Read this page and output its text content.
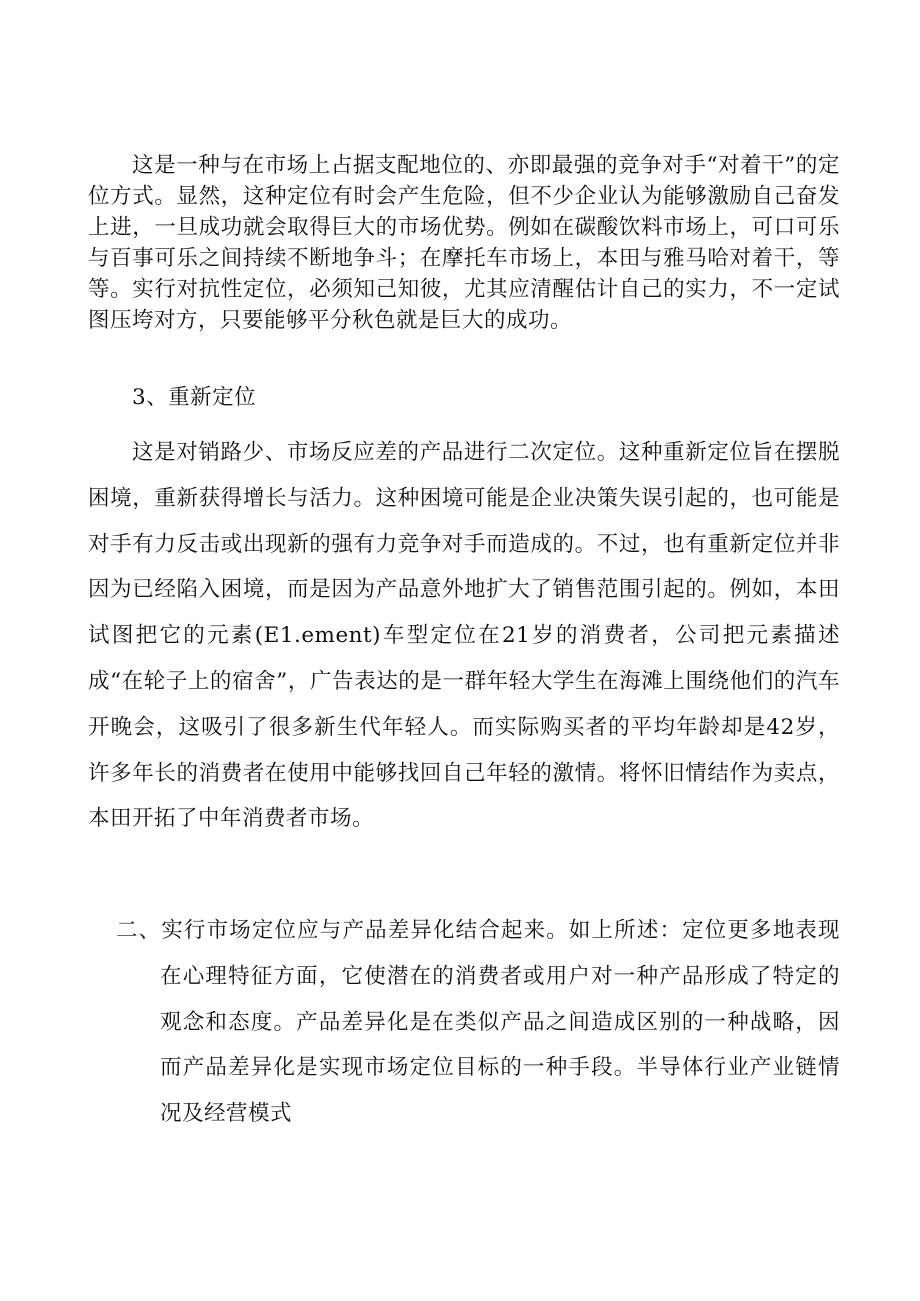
这是一种与在市场上占据支配地位的、亦即最强的竞争对手“对着干”的定位方式。显然，这种定位有时会产生危险，但不少企业认为能够激励自己奋发上进，一旦成功就会取得巨大的市场优势。例如在碳酸饮料市场上，可口可乐与百事可乐之间持续不断地争斗；在摩托车市场上，本田与雅马哈对着干，等等。实行对抗性定位，必须知己知彼，尤其应清醒估计自己的实力，不一定试图压垮对方，只要能够平分秋色就是巨大的成功。

3、重新定位

这是对销路少、市场反应差的产品进行二次定位。这种重新定位旨在摆脱困境，重新获得增长与活力。这种困境可能是企业决策失误引起的，也可能是对手有力反击或出现新的强有力竞争对手而造成的。不过，也有重新定位并非因为已经陷入困境，而是因为产品意外地扩大了销售范围引起的。例如，本田试图把它的元素(E1.ement)车型定位在21岁的消费者，公司把元素描述成“在轮子上的宿舍”，广告表达的是一群年轻大学生在海滩上围绕他们的汽车开晚会，这吸引了很多新生代年轻人。而实际购买者的平均年龄却是42岁，许多年长的消费者在使用中能够找回自己年轻的激情。将怀旧情结作为卖点，本田开拓了中年消费者市场。

二、实行市场定位应与产品差异化结合起来。如上所述：定位更多地表现在心理特征方面，它使潜在的消费者或用户对一种产品形成了特定的观念和态度。产品差异化是在类似产品之间造成区别的一种战略，因而产品差异化是实现市场定位目标的一种手段。半导体行业产业链情况及经营模式
